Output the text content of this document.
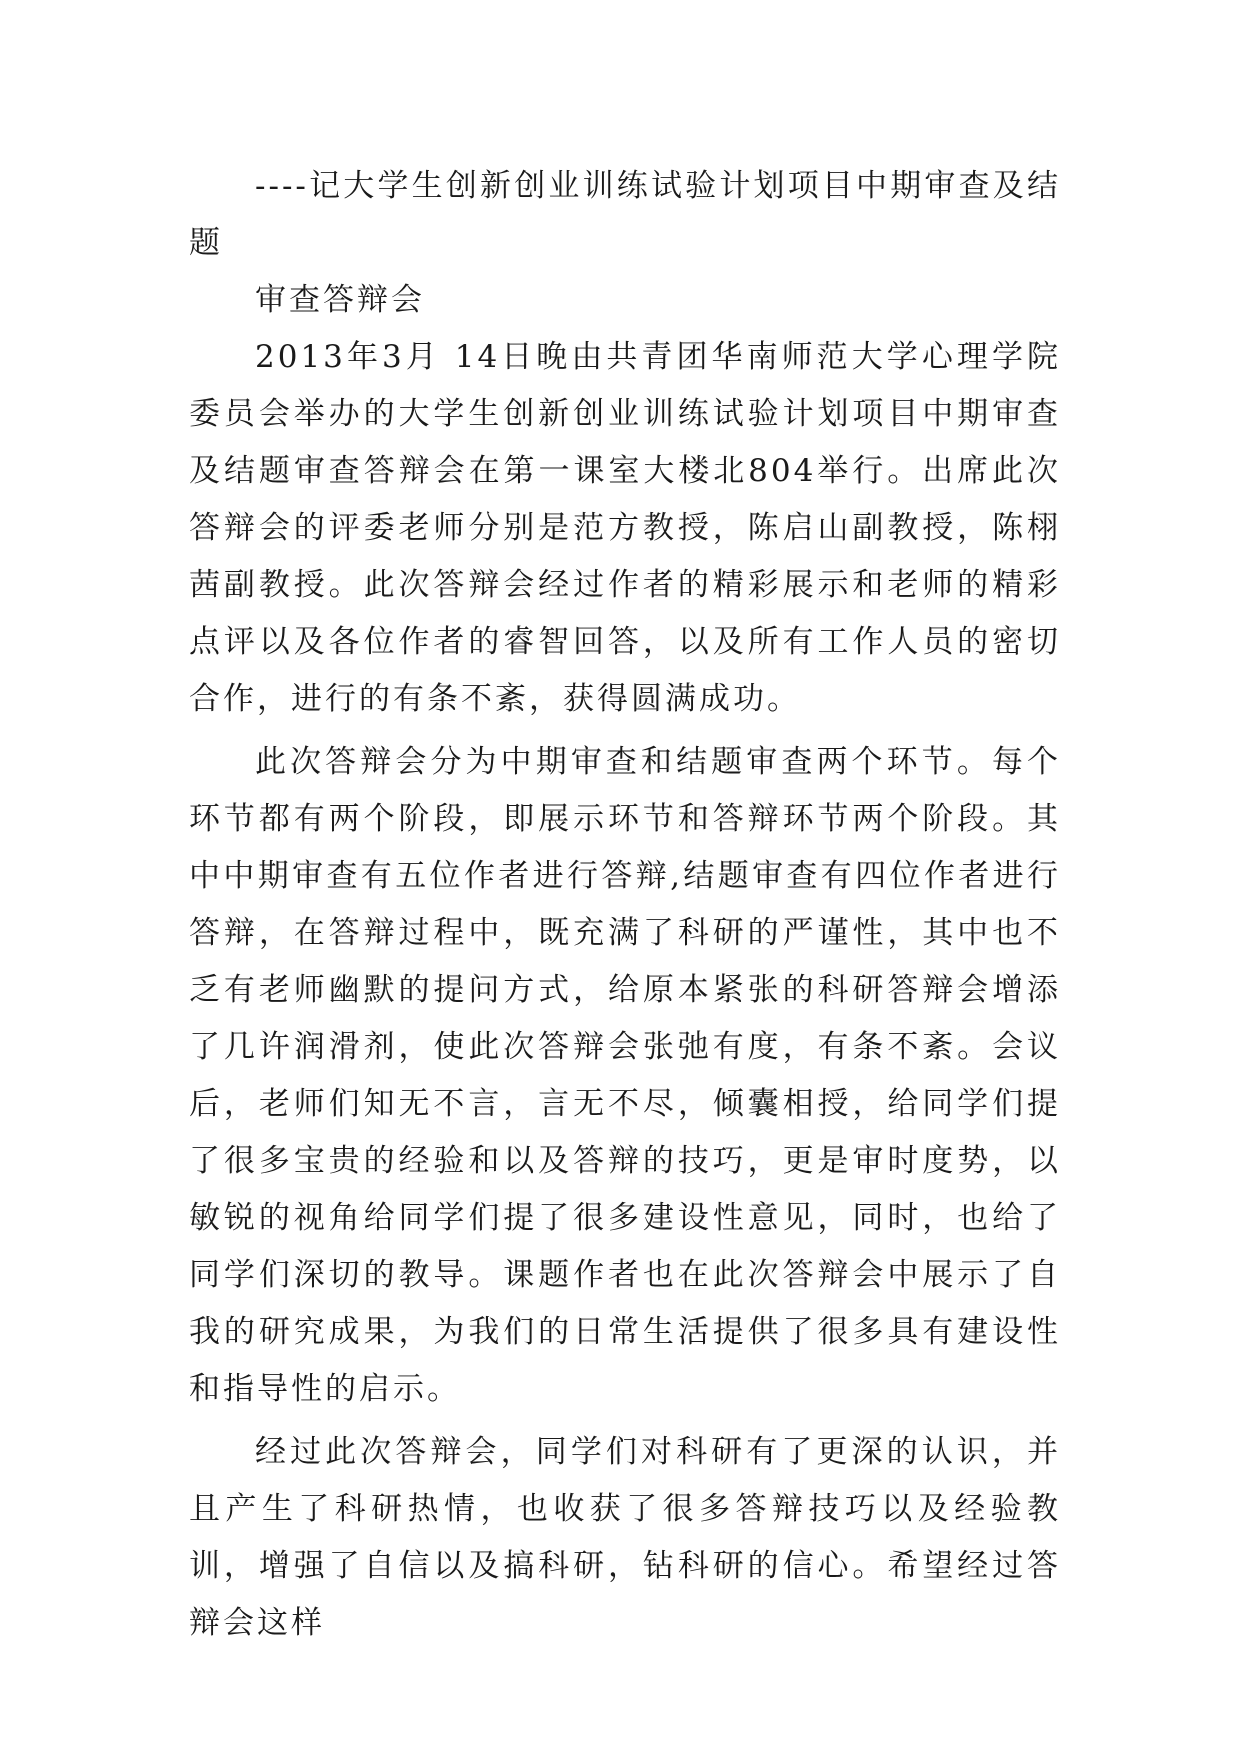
----记大学生创新创业训练试验计划项目中期审查及结题

审查答辩会

2013年3月 14日晚由共青团华南师范大学心理学院委员会举办的大学生创新创业训练试验计划项目中期审查及结题审查答辩会在第一课室大楼北804举行。出席此次答辩会的评委老师分别是范方教授，陈启山副教授，陈栩茜副教授。此次答辩会经过作者的精彩展示和老师的精彩点评以及各位作者的睿智回答，以及所有工作人员的密切合作，进行的有条不紊，获得圆满成功。

此次答辩会分为中期审查和结题审查两个环节。每个环节都有两个阶段，即展示环节和答辩环节两个阶段。其中中期审查有五位作者进行答辩,结题审查有四位作者进行答辩，在答辩过程中，既充满了科研的严谨性，其中也不乏有老师幽默的提问方式，给原本紧张的科研答辩会增添了几许润滑剂，使此次答辩会张弛有度，有条不紊。会议后，老师们知无不言，言无不尽，倾囊相授，给同学们提了很多宝贵的经验和以及答辩的技巧，更是审时度势，以敏锐的视角给同学们提了很多建设性意见，同时，也给了同学们深切的教导。课题作者也在此次答辩会中展示了自我的研究成果，为我们的日常生活提供了很多具有建设性和指导性的启示。

经过此次答辩会，同学们对科研有了更深的认识，并且产生了科研热情，也收获了很多答辩技巧以及经验教训，增强了自信以及搞科研，钻科研的信心。希望经过答辩会这样
